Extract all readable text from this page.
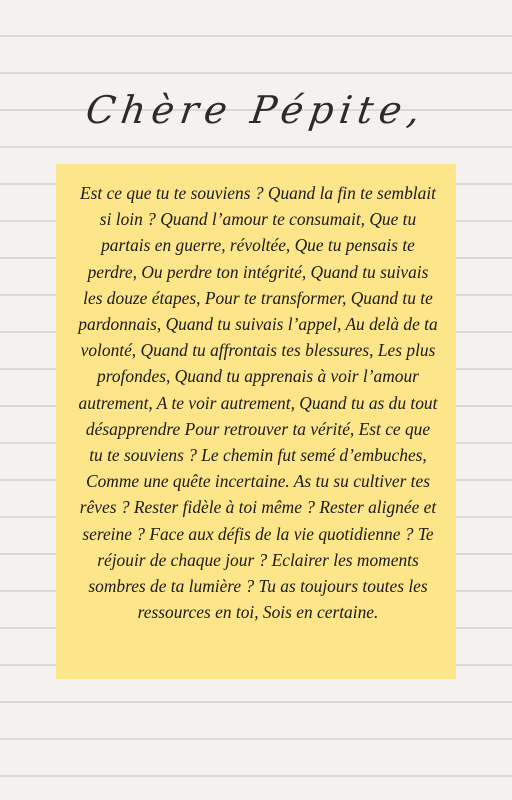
Chère Pépite,

Est ce que tu te souviens ? Quand la fin te semblait si loin ? Quand l’amour te consumait, Que tu partais en guerre, révoltée, Que tu pensais te perdre, Ou perdre ton intégrité, Quand tu suivais les douze étapes, Pour te transformer, Quand tu te pardonnais, Quand tu suivais l’appel, Au delà de ta volonté, Quand tu affrontais tes blessures, Les plus profondes, Quand tu apprenais à voir l’amour autrement, A te voir autrement, Quand tu as du tout désapprendre Pour retrouver ta vérité, Est ce que tu te souviens ? Le chemin fut semé d’embuches, Comme une quête incertaine. As tu su cultiver tes rêves ? Rester fidèle à toi même ? Rester alignée et sereine ? Face aux défis de la vie quotidienne ? Te réjouir de chaque jour ? Eclairer les moments sombres de ta lumière ? Tu as toujours toutes les ressources en toi, Sois en certaine.
